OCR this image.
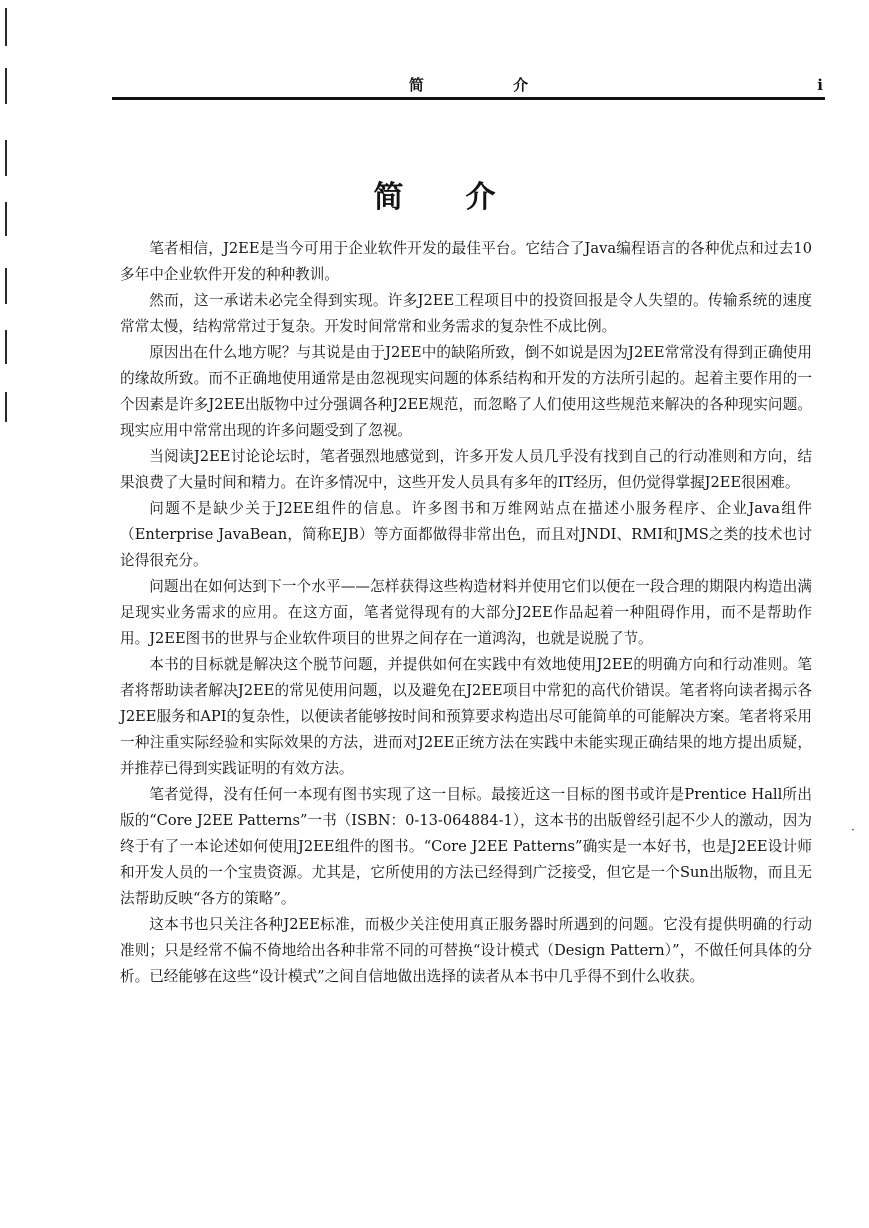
简 介	i
简介

笔者相信，J2EE是当今可用于企业软件开发的最佳平台。它结合了Java编程语言的各种优点和过去10多年中企业软件开发的种种教训。

然而，这一承诺未必完全得到实现。许多J2EE工程项目中的投资回报是令人失望的。传输系统的速度常常太慢，结构常常过于复杂。开发时间常常和业务需求的复杂性不成比例。

原因出在什么地方呢？与其说是由于J2EE中的缺陷所致，倒不如说是因为J2EE常常没有得到正确使用的缘故所致。而不正确地使用通常是由忽视现实问题的体系结构和开发的方法所引起的。起着主要作用的一个因素是许多J2EE出版物中过分强调各种J2EE规范，而忽略了人们使用这些规范来解决的各种现实问题。现实应用中常常出现的许多问题受到了忽视。

当阅读J2EE讨论论坛时，笔者强烈地感觉到，许多开发人员几乎没有找到自己的行动准则和方向，结果浪费了大量时间和精力。在许多情况中，这些开发人员具有多年的IT经历，但仍觉得掌握J2EE很困难。

问题不是缺少关于J2EE组件的信息。许多图书和万维网站点在描述小服务程序、企业Java组件（Enterprise JavaBean，简称EJB）等方面都做得非常出色，而且对JNDI、RMI和JMS之类的技术也讨论得很充分。

问题出在如何达到下一个水平——怎样获得这些构造材料并使用它们以便在一段合理的期限内构造出满足现实业务需求的应用。在这方面，笔者觉得现有的大部分J2EE作品起着一种阻碍作用，而不是帮助作用。J2EE图书的世界与企业软件项目的世界之间存在一道鸿沟，也就是说脱了节。

本书的目标就是解决这个脱节问题，并提供如何在实践中有效地使用J2EE的明确方向和行动准则。笔者将帮助读者解决J2EE的常见使用问题，以及避免在J2EE项目中常犯的高代价错误。笔者将向读者揭示各J2EE服务和API的复杂性，以便读者能够按时间和预算要求构造出尽可能简单的可能解决方案。笔者将采用一种注重实际经验和实际效果的方法，进而对J2EE正统方法在实践中未能实现正确结果的地方提出质疑，并推荐已得到实践证明的有效方法。

笔者觉得，没有任何一本现有图书实现了这一目标。最接近这一目标的图书或许是Prentice Hall所出版的“Core J2EE Patterns”一书（ISBN：0-13-064884-1），这本书的出版曾经引起不少人的激动，因为终于有了一本论述如何使用J2EE组件的图书。“Core J2EE Patterns”确实是一本好书，也是J2EE设计师和开发人员的一个宝贵资源。尤其是，它所使用的方法已经得到广泛接受，但它是一个Sun出版物，而且无法帮助反映“各方的策略”。

这本书也只关注各种J2EE标准，而极少关注使用真正服务器时所遇到的问题。它没有提供明确的行动准则；只是经常不偏不倚地给出各种非常不同的可替换“设计模式（Design Pattern）”，不做任何具体的分析。已经能够在这些“设计模式”之间自信地做出选择的读者从本书中几乎得不到什么收获。

·
